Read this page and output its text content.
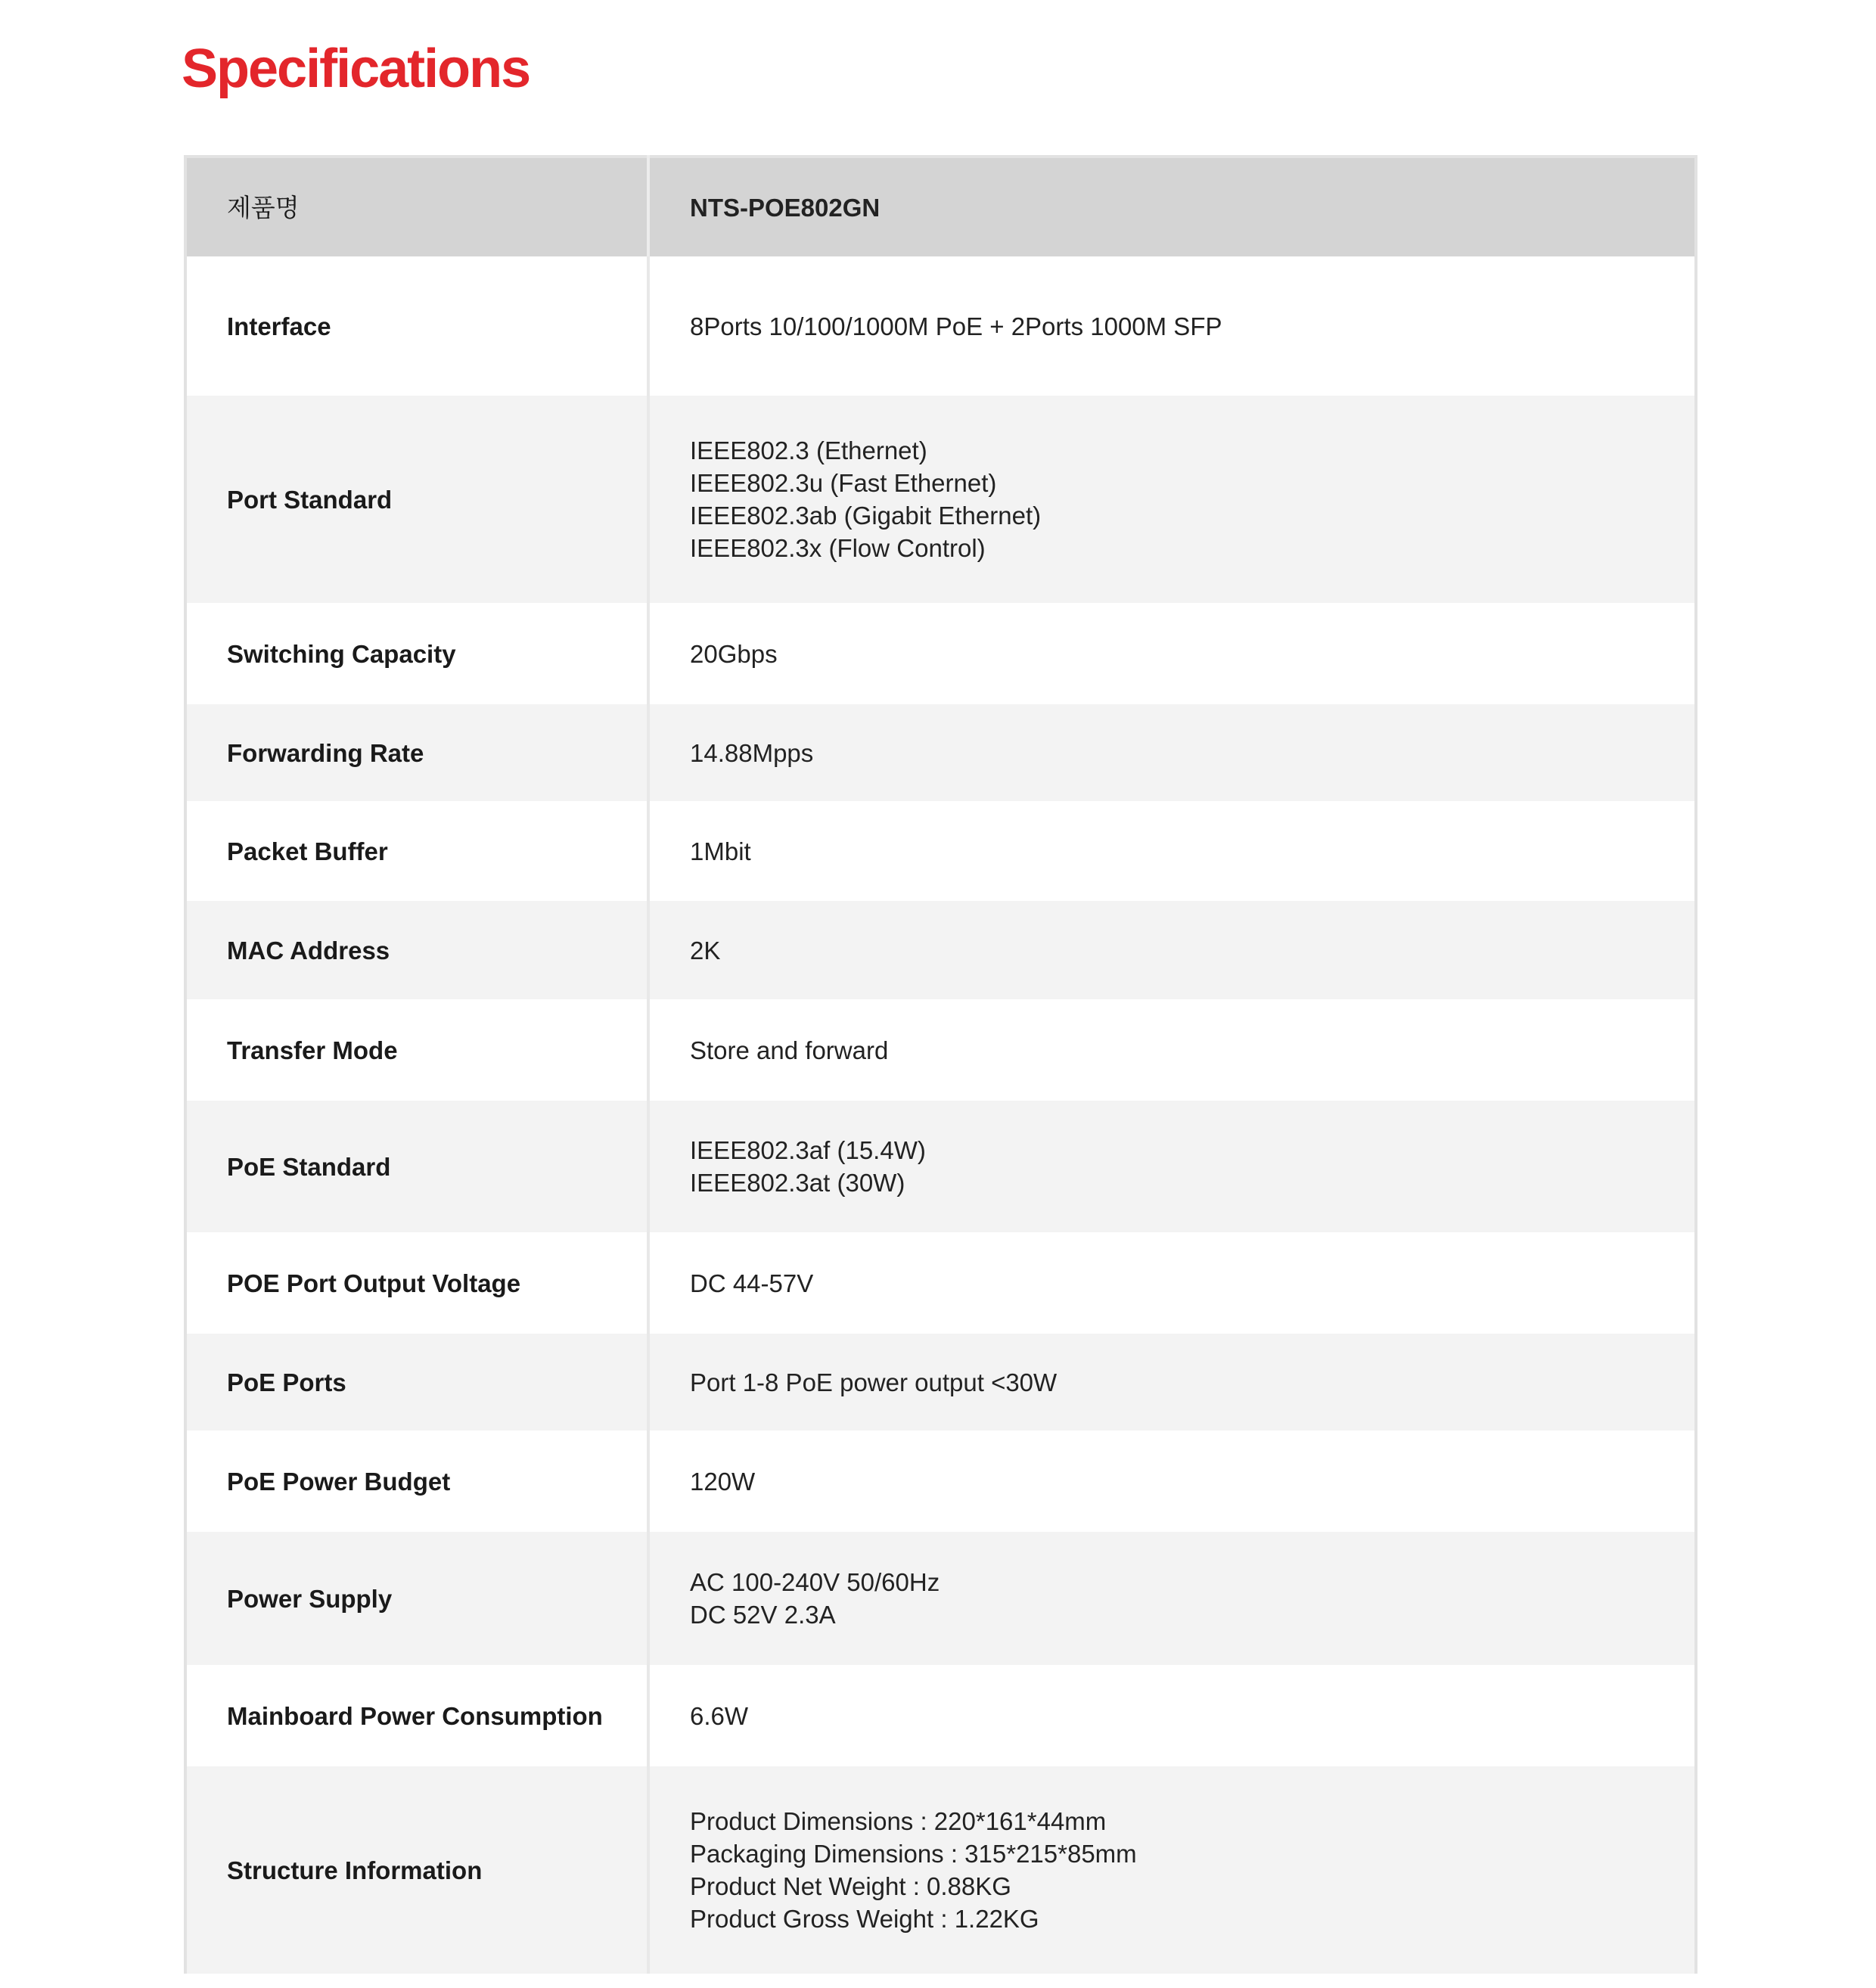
Specifications
제품명	NTS-POE802GN
Interface	8Ports 10/100/1000M PoE + 2Ports 1000M SFP

Port Standard	IEEE802.3 (Ethernet)
IEEE802.3u (Fast Ethernet)
IEEE802.3ab (Gigabit Ethernet)
IEEE802.3x (Flow Control)

Switching Capacity	20Gbps

Forwarding Rate	14.88Mpps

Packet Buffer	1Mbit

MAC Address	2K

Transfer Mode	Store and forward

PoE Standard	IEEE802.3af (15.4W)
IEEE802.3at (30W)

POE Port Output Voltage	DC 44-57V

PoE Ports	Port 1-8 PoE power output <30W

PoE Power Budget	120W

Power Supply	AC 100-240V 50/60Hz
DC 52V 2.3A

Mainboard Power Consumption	6.6W

Structure Information	Product Dimensions : 220*161*44mm
Packaging Dimensions : 315*215*85mm
Product Net Weight : 0.88KG
Product Gross Weight : 1.22KG
